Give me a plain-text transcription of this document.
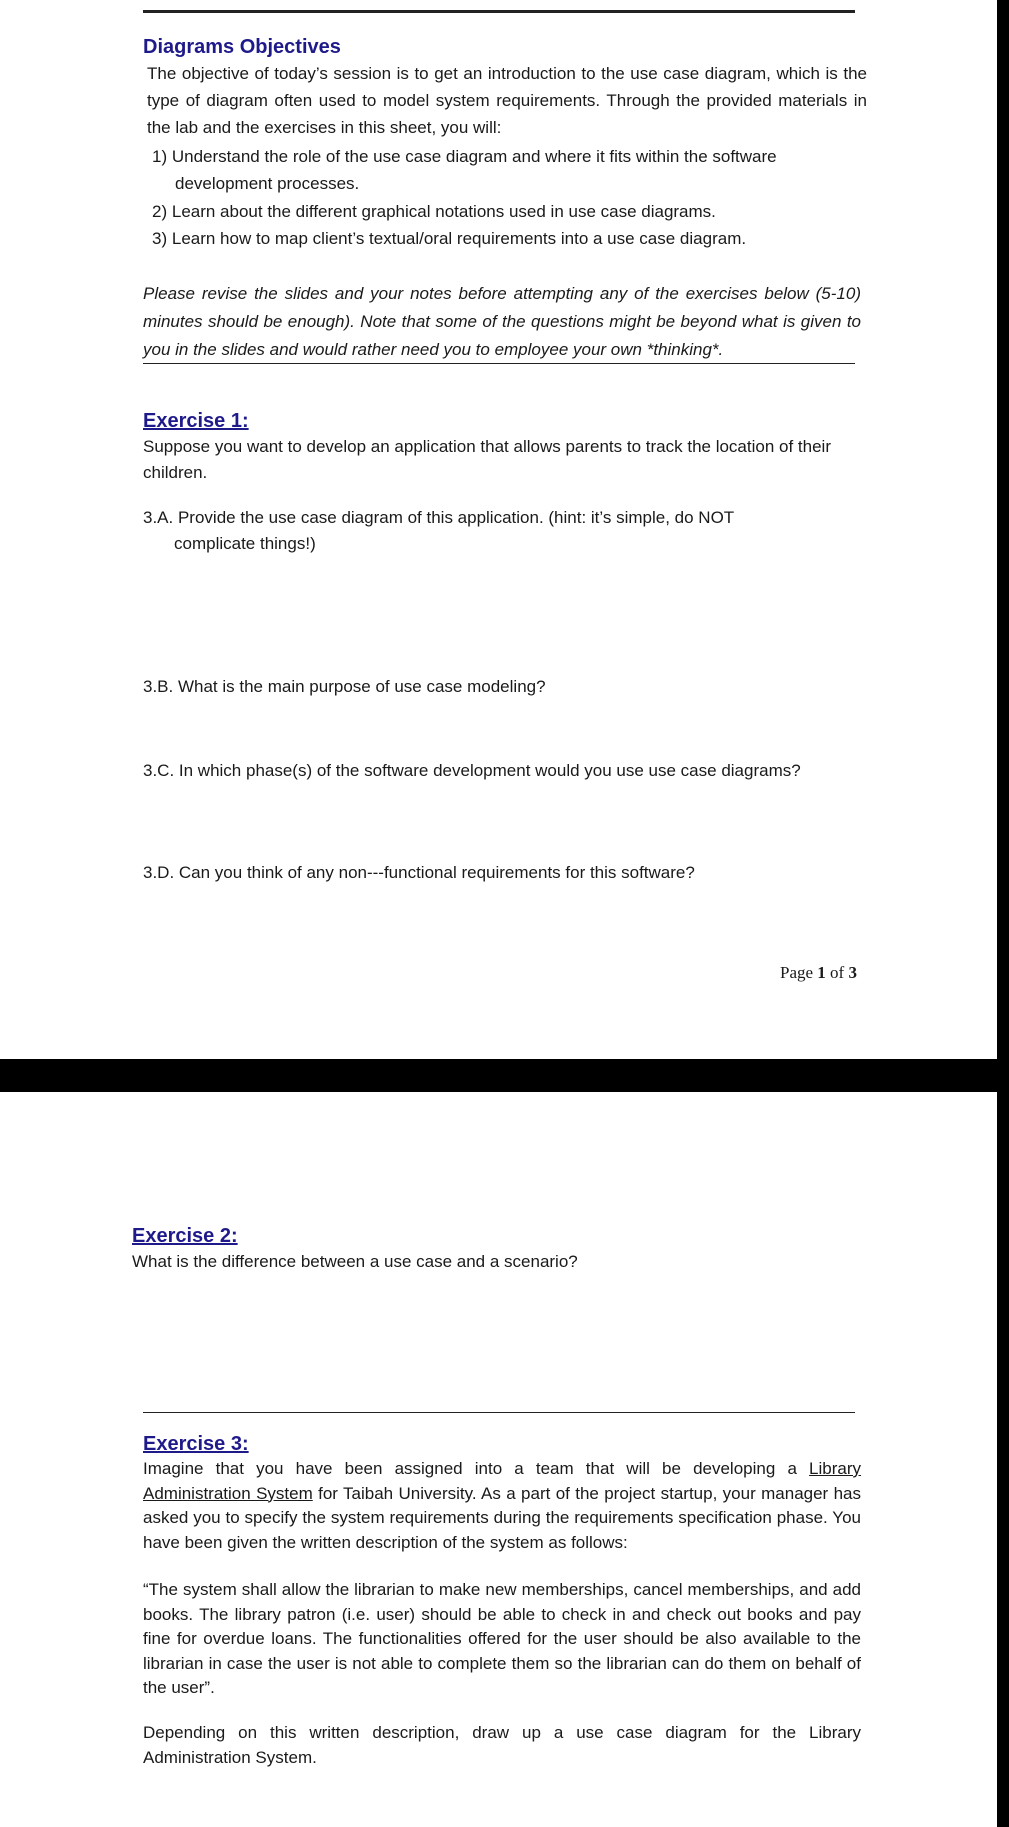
Diagrams Objectives
The objective of today’s session is to get an introduction to the use case diagram, which is the type of diagram often used to model system requirements. Through the provided materials in the lab and the exercises in this sheet, you will:
1) Understand the role of the use case diagram and where it fits within the software
development processes.
2) Learn about the different graphical notations used in use case diagrams.
3) Learn how to map client’s textual/oral requirements into a use case diagram.
Please revise the slides and your notes before attempting any of the exercises below (5-10) minutes should be enough). Note that some of the questions might be beyond what is given to you in the slides and would rather need you to employee your own *thinking*.
Exercise 1:
Suppose you want to develop an application that allows parents to track the location of their children.
3.A. Provide the use case diagram of this application. (hint: it’s simple, do NOT
complicate things!)
3.B. What is the main purpose of use case modeling?
3.C. In which phase(s) of the software development would you use use case diagrams?
3.D. Can you think of any non---functional requirements for this software?
Page 1 of 3
Exercise 2:
What is the difference between a use case and a scenario?
Exercise 3:
Imagine that you have been assigned into a team that will be developing a Library Administration System for Taibah University. As a part of the project startup, your manager has asked you to specify the system requirements during the requirements specification phase. You have been given the written description of the system as follows:
“The system shall allow the librarian to make new memberships, cancel memberships, and add books. The library patron (i.e. user) should be able to check in and check out books and pay fine for overdue loans. The functionalities offered for the user should be also available to the librarian in case the user is not able to complete them so the librarian can do them on behalf of the user”.
Depending on this written description, draw up a use case diagram for the Library Administration System.
